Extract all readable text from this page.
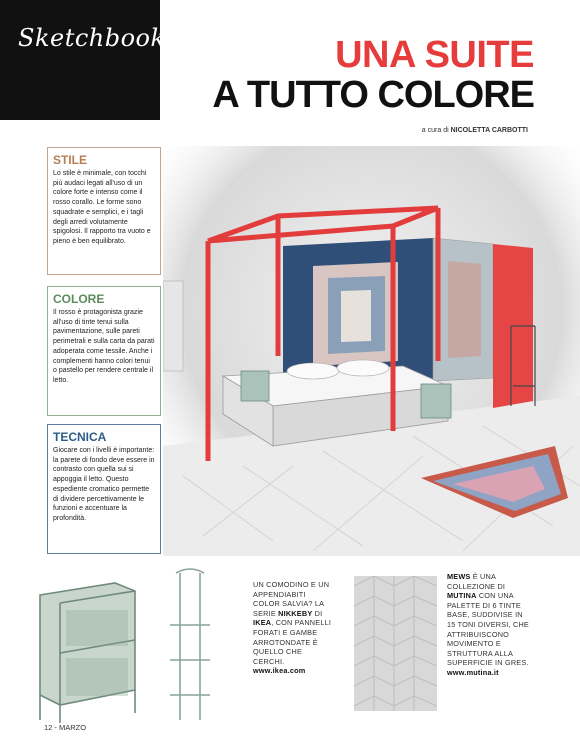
Sketchbook	UNA SUITE
A TUTTO COLORE
a cura di NICOLETTA CARBOTTI
STILE

Lo stile è minimale, con tocchi più audaci legati all'uso di un colore forte e intenso come il rosso corallo. Le forme sono squadrate e semplici, e i tagli degli arredi volutamente spigolosi. Il rapporto tra vuoto e pieno è ben equilibrato.

COLORE

Il rosso è protagonista grazie all'uso di tinte tenui sulla pavimentazione, sulle pareti perimetrali e sulla carta da parati adoperata come tessile. Anche i complementi hanno colori tenui o pastello per rendere centrale il letto.

TECNICA

Giocare con i livelli è importante: la parete di fondo deve essere in contrasto con quella sui si appoggia il letto. Questo espediente cromatico permette di dividere percettivamente le funzioni e accentuare la profondità.

UN COMODINO E UN APPENDIABITI COLOR SALVIA? LA SERIE NIKKEBY DI IKEA, CON PANNELLI FORATI E GAMBE ARROTONDATE È QUELLO CHE CERCHI.
www.ikea.com
MEWS È UNA COLLEZIONE DI MUTINA CON UNA PALETTE DI 6 TINTE BASE, SUDDIVISE IN 15 TONI DIVERSI, CHE ATTRIBUISCONO MOVIMENTO E STRUTTURA ALLA SUPERFICIE IN GRES.
www.mutina.it
12 - MARZO
